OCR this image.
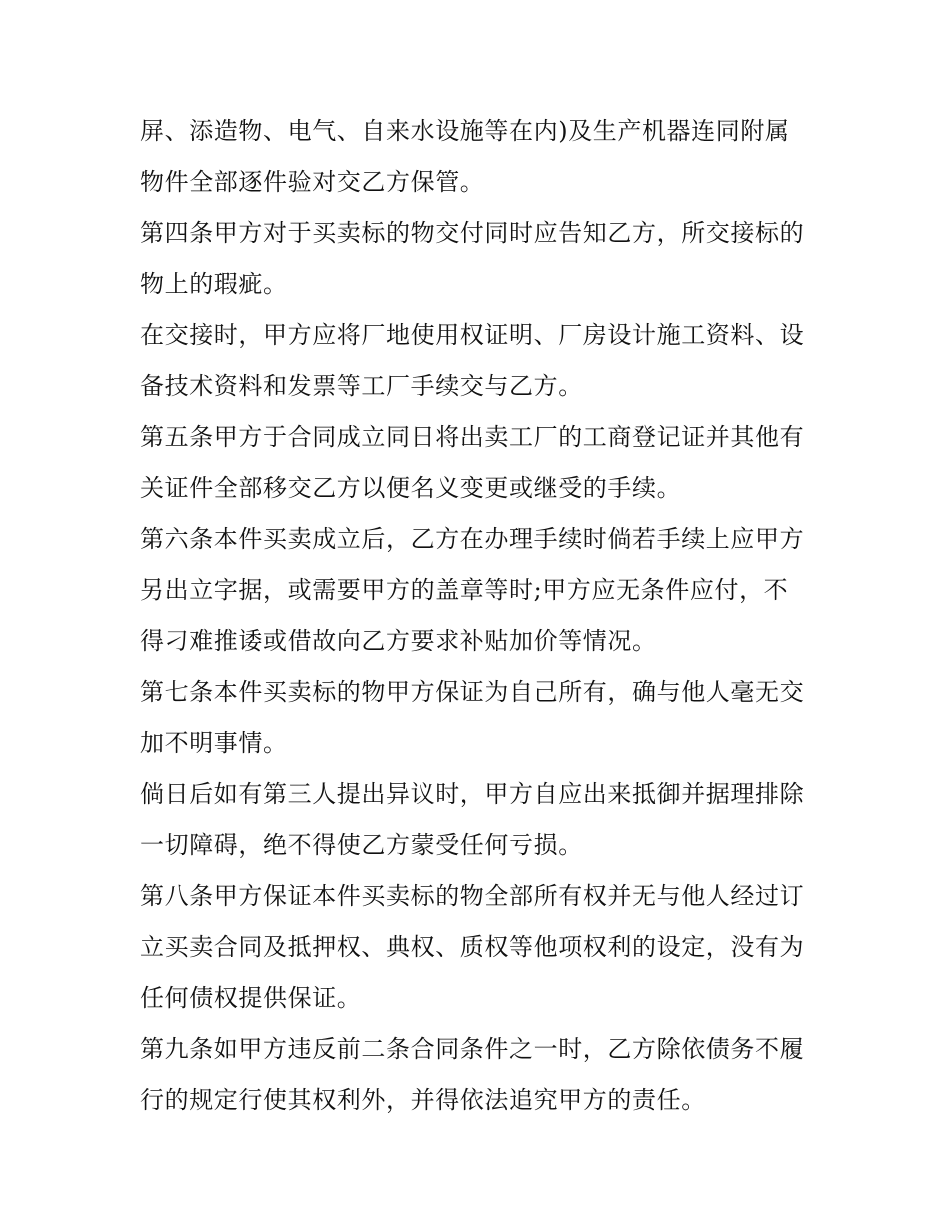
屏、添造物、电气、自来水设施等在内)及生产机器连同附属
物件全部逐件验对交乙方保管。
第四条甲方对于买卖标的物交付同时应告知乙方，所交接标的
物上的瑕疵。
在交接时，甲方应将厂地使用权证明、厂房设计施工资料、设
备技术资料和发票等工厂手续交与乙方。
第五条甲方于合同成立同日将出卖工厂的工商登记证并其他有
关证件全部移交乙方以便名义变更或继受的手续。
第六条本件买卖成立后，乙方在办理手续时倘若手续上应甲方
另出立字据，或需要甲方的盖章等时;甲方应无条件应付，不
得刁难推诿或借故向乙方要求补贴加价等情况。
第七条本件买卖标的物甲方保证为自己所有，确与他人毫无交
加不明事情。
倘日后如有第三人提出异议时，甲方自应出来抵御并据理排除
一切障碍，绝不得使乙方蒙受任何亏损。
第八条甲方保证本件买卖标的物全部所有权并无与他人经过订
立买卖合同及抵押权、典权、质权等他项权利的设定，没有为
任何债权提供保证。
第九条如甲方违反前二条合同条件之一时，乙方除依债务不履
行的规定行使其权利外，并得依法追究甲方的责任。
